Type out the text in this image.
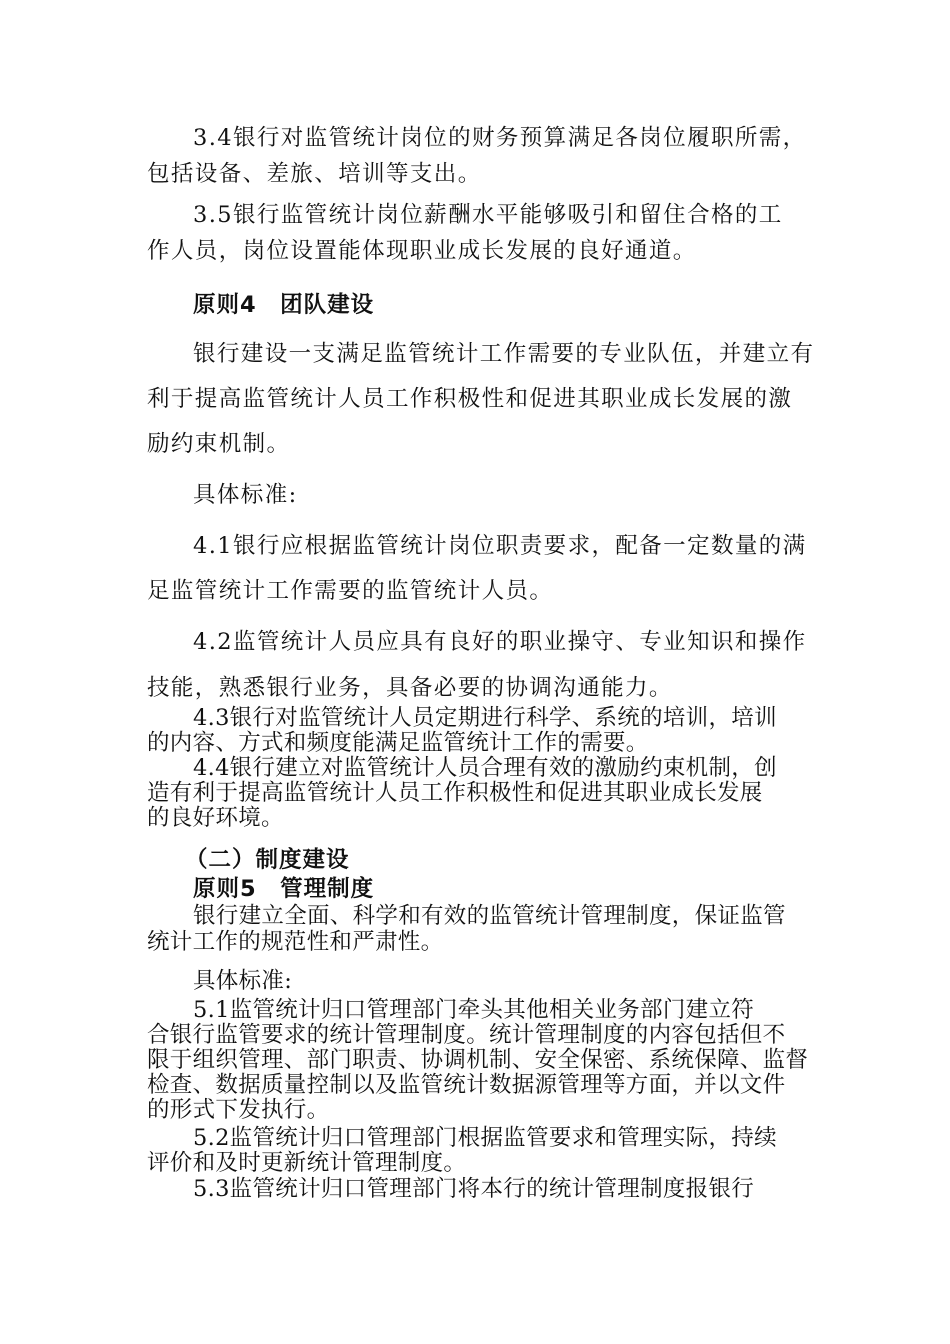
3.4银行对监管统计岗位的财务预算满足各岗位履职所需，
包括设备、差旅、培训等支出。
3.5银行监管统计岗位薪酬水平能够吸引和留住合格的工
作人员，岗位设置能体现职业成长发展的良好通道。
原则4　团队建设
银行建设一支满足监管统计工作需要的专业队伍，并建立有
利于提高监管统计人员工作积极性和促进其职业成长发展的激
励约束机制。
具体标准:
4.1银行应根据监管统计岗位职责要求，配备一定数量的满
足监管统计工作需要的监管统计人员。
4.2监管统计人员应具有良好的职业操守、专业知识和操作
技能，熟悉银行业务，具备必要的协调沟通能力。
4.3银行对监管统计人员定期进行科学、系统的培训，培训
的内容、方式和频度能满足监管统计工作的需要。
4.4银行建立对监管统计人员合理有效的激励约束机制，创
造有利于提高监管统计人员工作积极性和促进其职业成长发展
的良好环境。
（二）制度建设
原则5　管理制度
银行建立全面、科学和有效的监管统计管理制度，保证监管
统计工作的规范性和严肃性。
具体标准:
5.1监管统计归口管理部门牵头其他相关业务部门建立符
合银行监管要求的统计管理制度。统计管理制度的内容包括但不
限于组织管理、部门职责、协调机制、安全保密、系统保障、监督
检查、数据质量控制以及监管统计数据源管理等方面，并以文件
的形式下发执行。
5.2监管统计归口管理部门根据监管要求和管理实际，持续
评价和及时更新统计管理制度。
5.3监管统计归口管理部门将本行的统计管理制度报银行
